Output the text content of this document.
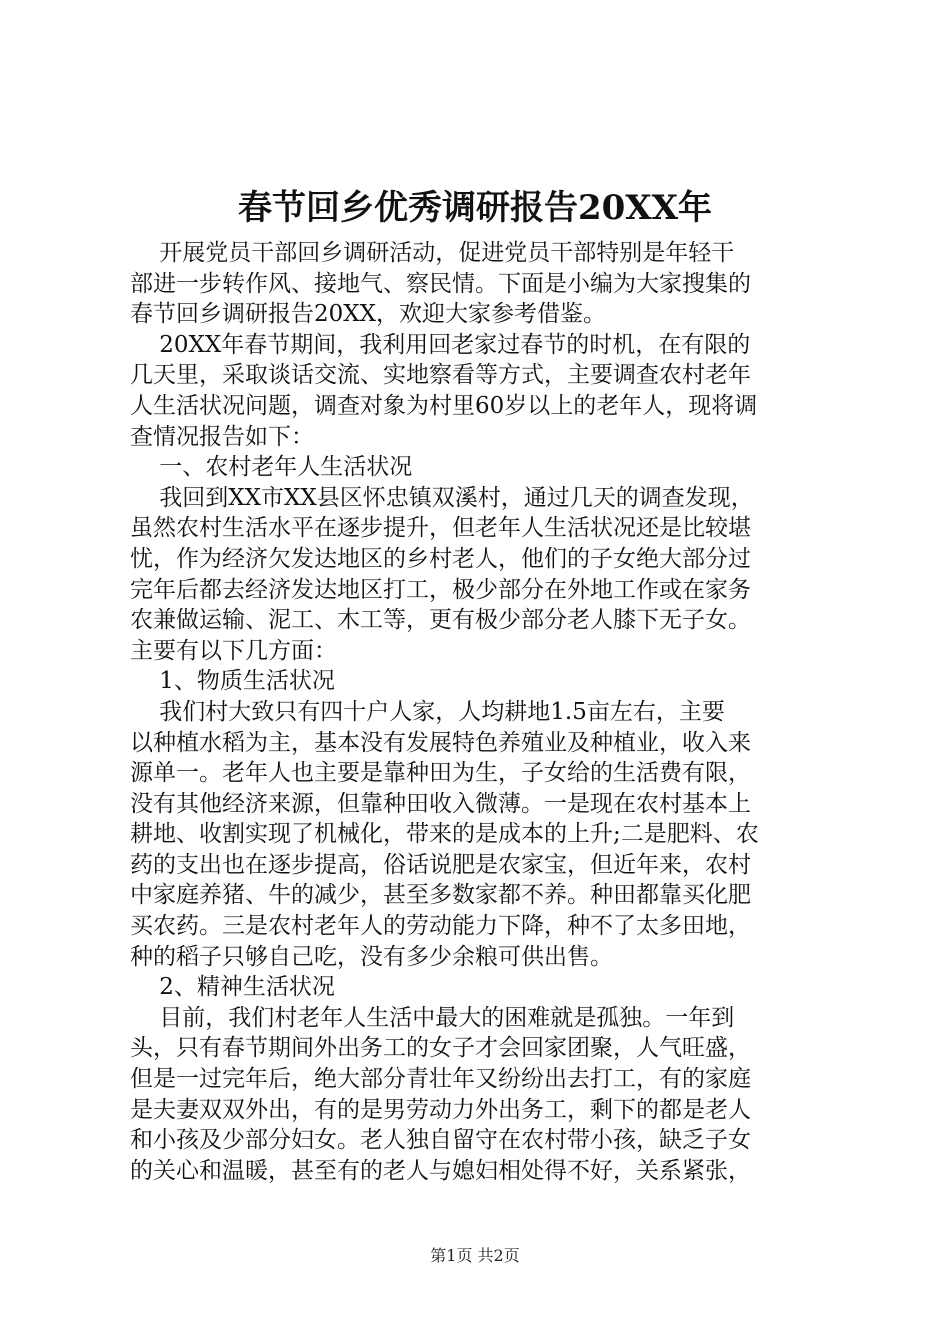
春节回乡优秀调研报告20XX年
开展党员干部回乡调研活动，促进党员干部特别是年轻干
部进一步转作风、接地气、察民情。下面是小编为大家搜集的
春节回乡调研报告20XX，欢迎大家参考借鉴。
20XX年春节期间，我利用回老家过春节的时机，在有限的
几天里，采取谈话交流、实地察看等方式，主要调查农村老年
人生活状况问题，调查对象为村里60岁以上的老年人，现将调
查情况报告如下：
一、农村老年人生活状况
我回到XX市XX县区怀忠镇双溪村，通过几天的调查发现，
虽然农村生活水平在逐步提升，但老年人生活状况还是比较堪
忧，作为经济欠发达地区的乡村老人，他们的子女绝大部分过
完年后都去经济发达地区打工，极少部分在外地工作或在家务
农兼做运输、泥工、木工等，更有极少部分老人膝下无子女。
主要有以下几方面：
1、物质生活状况
我们村大致只有四十户人家，人均耕地1.5亩左右，主要
以种植水稻为主，基本没有发展特色养殖业及种植业，收入来
源单一。老年人也主要是靠种田为生，子女给的生活费有限，
没有其他经济来源，但靠种田收入微薄。一是现在农村基本上
耕地、收割实现了机械化，带来的是成本的上升;二是肥料、农
药的支出也在逐步提高，俗话说肥是农家宝，但近年来，农村
中家庭养猪、牛的减少，甚至多数家都不养。种田都靠买化肥
买农药。三是农村老年人的劳动能力下降，种不了太多田地，
种的稻子只够自己吃，没有多少余粮可供出售。
2、精神生活状况
目前，我们村老年人生活中最大的困难就是孤独。一年到
头，只有春节期间外出务工的女子才会回家团聚，人气旺盛，
但是一过完年后，绝大部分青壮年又纷纷出去打工，有的家庭
是夫妻双双外出，有的是男劳动力外出务工，剩下的都是老人
和小孩及少部分妇女。老人独自留守在农村带小孩，缺乏子女
的关心和温暖，甚至有的老人与媳妇相处得不好，关系紧张，
第1页 共2页
